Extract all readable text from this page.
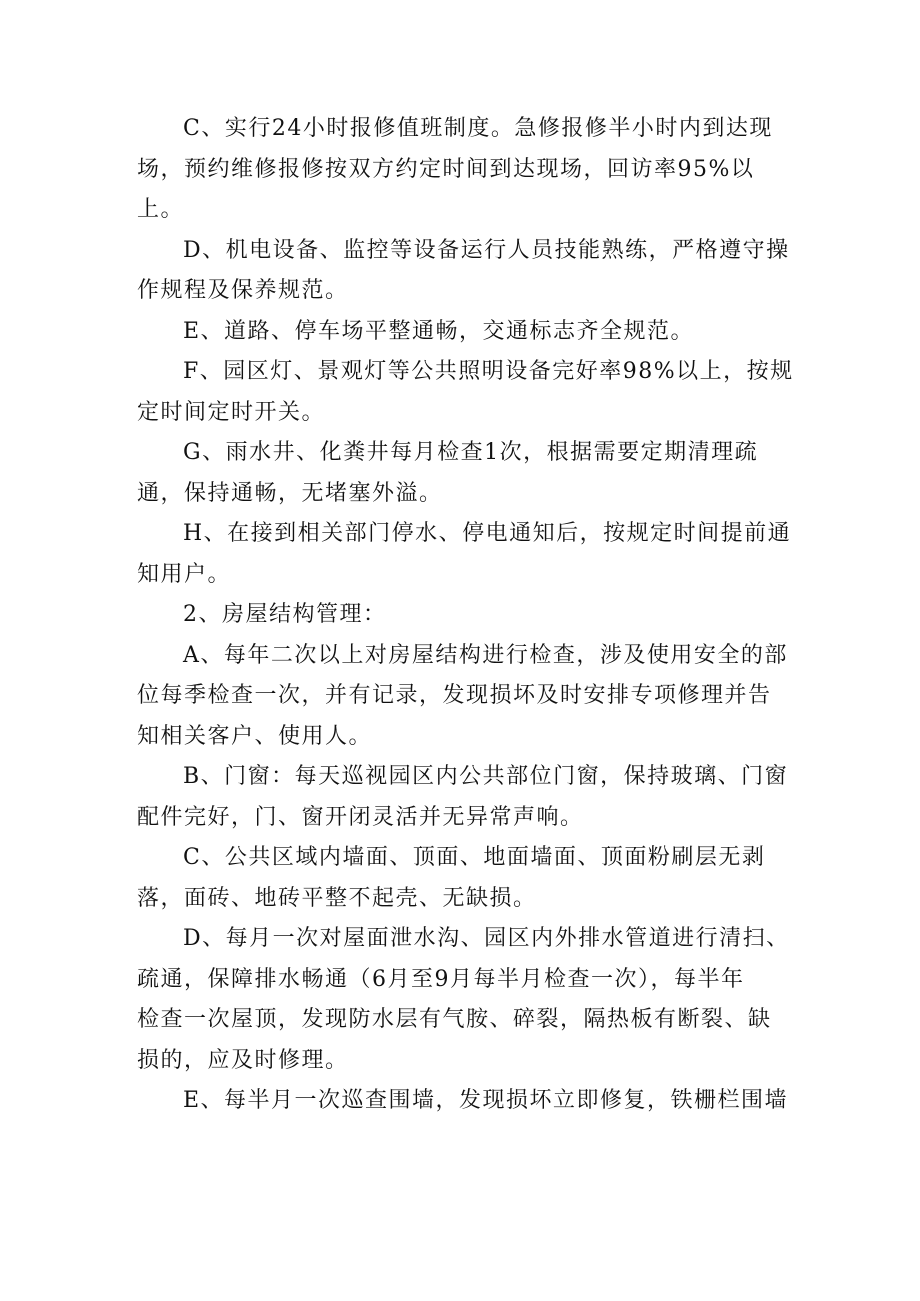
C、实行24小时报修值班制度。急修报修半小时内到达现
场，预约维修报修按双方约定时间到达现场，回访率95%以
上。
D、机电设备、监控等设备运行人员技能熟练，严格遵守操
作规程及保养规范。
E、道路、停车场平整通畅，交通标志齐全规范。
F、园区灯、景观灯等公共照明设备完好率98%以上，按规
定时间定时开关。
G、雨水井、化粪井每月检查1次，根据需要定期清理疏
通，保持通畅，无堵塞外溢。
H、在接到相关部门停水、停电通知后，按规定时间提前通
知用户。
2、房屋结构管理：
A、每年二次以上对房屋结构进行检查，涉及使用安全的部
位每季检查一次，并有记录，发现损坏及时安排专项修理并告
知相关客户、使用人。
B、门窗：每天巡视园区内公共部位门窗，保持玻璃、门窗
配件完好，门、窗开闭灵活并无异常声响。
C、公共区域内墙面、顶面、地面墙面、顶面粉刷层无剥
落，面砖、地砖平整不起壳、无缺损。
D、每月一次对屋面泄水沟、园区内外排水管道进行清扫、
疏通，保障排水畅通（6月至9月每半月检查一次），每半年
检查一次屋顶，发现防水层有气胺、碎裂，隔热板有断裂、缺
损的，应及时修理。
E、每半月一次巡查围墙，发现损坏立即修复，铁栅栏围墙
